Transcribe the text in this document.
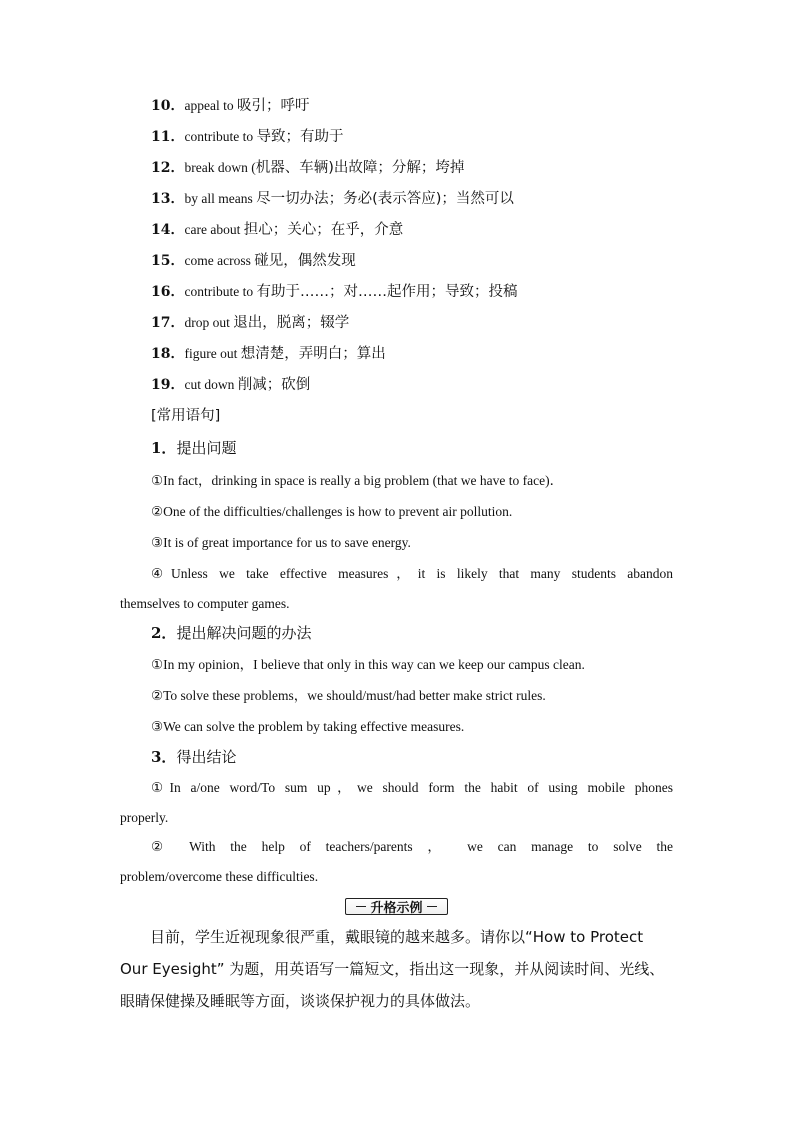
10．appeal to 吸引；呼吁
11．contribute to 导致；有助于
12．break down (机器、车辆)出故障；分解；垮掉
13．by all means 尽一切办法；务必(表示答应)；当然可以
14．care about 担心；关心；在乎，介意
15．come across 碰见，偶然发现
16．contribute to 有助于……；对……起作用；导致；投稿
17．drop out 退出，脱离；辍学
18．figure out 想清楚，弄明白；算出
19．cut down 削减；砍倒
[常用语句]
1．提出问题
①In fact，drinking in space is really a big problem (that we have to face)．
②One of the difficulties/challenges is how to prevent air pollution.
③It is of great importance for us to save energy.
④Unless we take effective measures，it is likely that many students abandon
themselves to computer games.
2．提出解决问题的办法
①In my opinion，I believe that only in this way can we keep our campus clean.
②To solve these problems，we should/must/had better make strict rules.
③We can solve the problem by taking effective measures.
3．得出结论
①In a/one word/To sum up，we should form the habit of using mobile phones
properly.
② With the help of teachers/parents ， we can manage to solve the
problem/overcome these difficulties.
升格示例
目前，学生近视现象很严重，戴眼镜的越来越多。请你以“How to Protect
Our Eyesight” 为题，用英语写一篇短文，指出这一现象，并从阅读时间、光线、
眼睛保健操及睡眠等方面，谈谈保护视力的具体做法。
